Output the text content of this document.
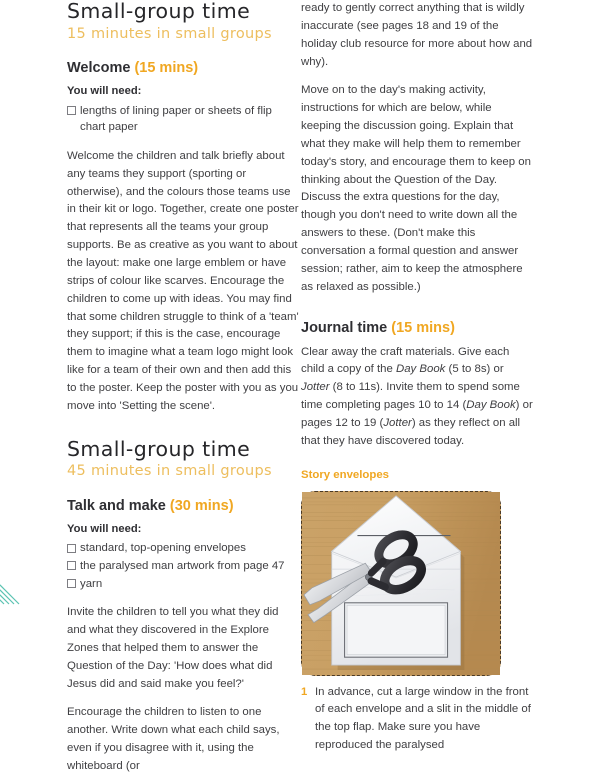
Small-group time
15 minutes in small groups
Welcome (15 mins)
You will need:
lengths of lining paper or sheets of flip chart paper

Welcome the children and talk briefly about any teams they support (sporting or otherwise), and the colours those teams use in their kit or logo. Together, create one poster that represents all the teams your group supports. Be as creative as you want to about the layout: make one large emblem or have strips of colour like scarves. Encourage the children to come up with ideas. You may find that some children struggle to think of a 'team' they support; if this is the case, encourage them to imagine what a team logo might look like for a team of their own and then add this to the poster. Keep the poster with you as you move into 'Setting the scene'.

Small-group time
45 minutes in small groups
Talk and make (30 mins)
You will need:
standard, top-opening envelopes
the paralysed man artwork from page 47
yarn

Invite the children to tell you what they did and what they discovered in the Explore Zones that helped them to answer the Question of the Day: 'How does what did Jesus did and said make you feel?'

Encourage the children to listen to one another. Write down what each child says, even if you disagree with it, using the whiteboard (or

ready to gently correct anything that is wildly inaccurate (see pages 18 and 19 of the holiday club resource for more about how and why).

Move on to the day's making activity, instructions for which are below, while keeping the discussion going. Explain that what they make will help them to remember today's story, and encourage them to keep on thinking about the Question of the Day. Discuss the extra questions for the day, though you don't need to write down all the answers to these. (Don't make this conversation a formal question and answer session; rather, aim to keep the atmosphere as relaxed as possible.)

Journal time (15 mins)

Clear away the craft materials. Give each child a copy of the Day Book (5 to 8s) or Jotter (8 to 11s). Invite them to spend some time completing pages 10 to 14 (Day Book) or pages 12 to 19 (Jotter) as they reflect on all that they have discovered today.

Story envelopes
In advance, cut a large window in the front of each envelope and a slit in the middle of the top flap. Make sure you have reproduced the paralysed
